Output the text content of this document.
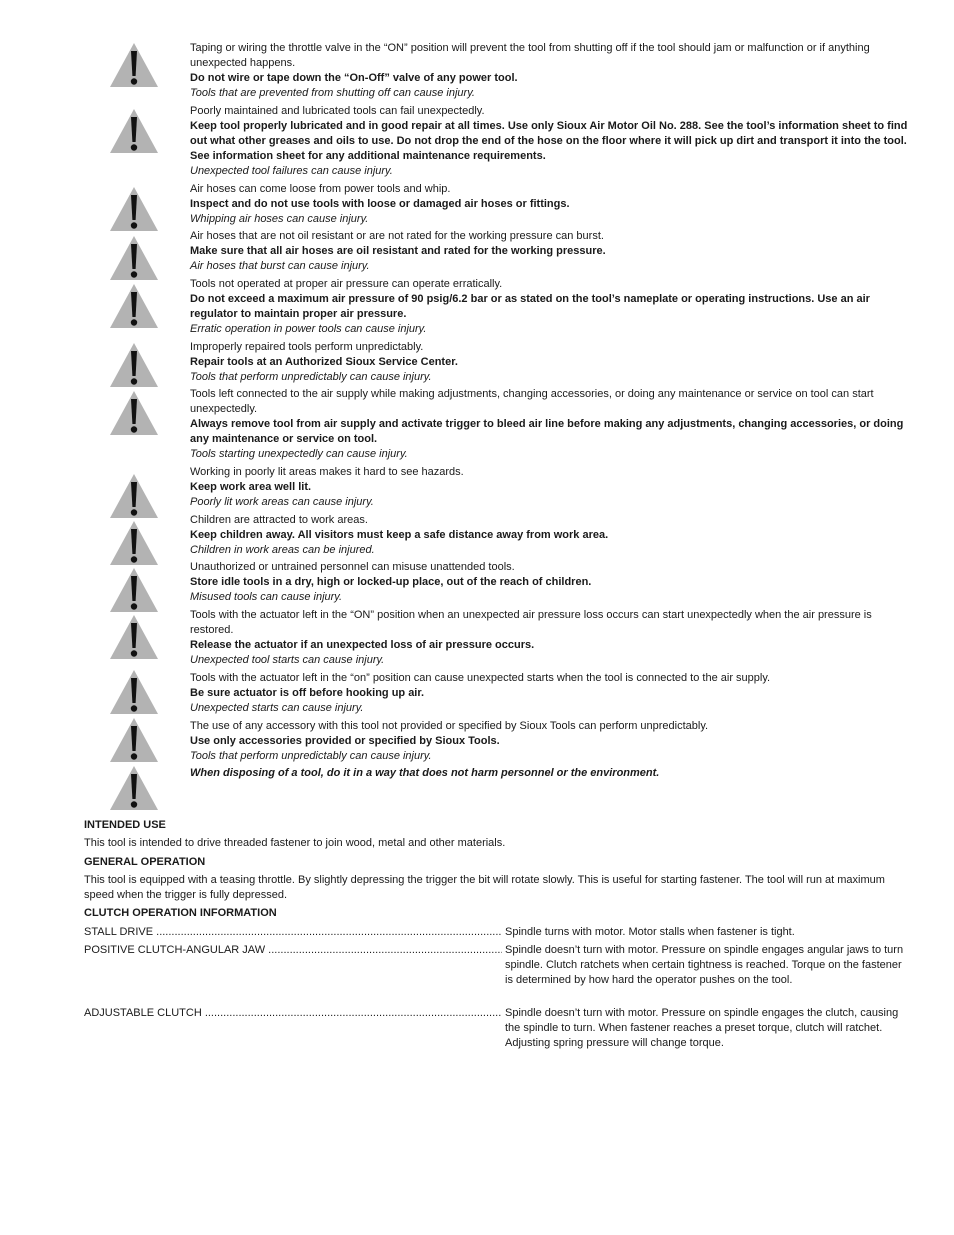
Taping or wiring the throttle valve in the “ON” position will prevent the tool from shutting off if the tool should jam or malfunction or if anything unexpected happens.

Do not wire or tape down the “On-Off” valve of any power tool.

Tools that are prevented from shutting off can cause injury.

Poorly maintained and lubricated tools can fail unexpectedly.

Keep tool properly lubricated and in good repair at all times. Use only Sioux Air Motor Oil No. 288. See the tool’s information sheet to find out what other greases and oils to use. Do not drop the end of the hose on the floor where it will pick up dirt and transport it into the tool. See information sheet for any additional maintenance requirements.

Unexpected tool failures can cause injury.

Air hoses can come loose from power tools and whip.

Inspect and do not use tools with loose or damaged air hoses or fittings.

Whipping air hoses can cause injury.

Air hoses that are not oil resistant or are not rated for the working pressure can burst.

Make sure that all air hoses are oil resistant and rated for the working pressure.

Air hoses that burst can cause injury.

Tools not operated at proper air pressure can operate erratically.

Do not exceed a maximum air pressure of 90 psig/6.2 bar or as stated on the tool’s nameplate or operating instructions. Use an air regulator to maintain proper air pressure.

Erratic operation in power tools can cause injury.

Improperly repaired tools perform unpredictably.

Repair tools at an Authorized Sioux Service Center.

Tools that perform unpredictably can cause injury.

Tools left connected to the air supply while making adjustments, changing accessories, or doing any maintenance or service on tool can start unexpectedly.

Always remove tool from air supply and activate trigger to bleed air line before making any adjustments, changing accessories, or doing any maintenance or service on tool.

Tools starting unexpectedly can cause injury.

Working in poorly lit areas makes it hard to see hazards.

Keep work area well lit.

Poorly lit work areas can cause injury.

Children are attracted to work areas.

Keep children away. All visitors must keep a safe distance away from work area.

Children in work areas can be injured.

Unauthorized or untrained personnel can misuse unattended tools.

Store idle tools in a dry, high or locked-up place, out of the reach of children.

Misused tools can cause injury.

Tools with the actuator left in the “ON” position when an unexpected air pressure loss occurs can start unexpectedly when the air pressure is restored.

Release the actuator if an unexpected loss of air pressure occurs.

Unexpected tool starts can cause injury.

Tools with the actuator left in the “on” position can cause unexpected starts when the tool is connected to the air supply.

Be sure actuator is off before hooking up air.

Unexpected starts can cause injury.

The use of any accessory with this tool not provided or specified by Sioux Tools can perform unpredictably.

Use only accessories provided or specified by Sioux Tools.

Tools that perform unpredictably can cause injury.

When disposing of a tool, do it in a way that does not harm personnel or the environment.

INTENDED USE

This tool is intended to drive threaded fastener to join wood, metal and other materials.

GENERAL OPERATION

This tool is equipped with a teasing throttle. By slightly depressing the trigger the bit will rotate slowly. This is useful for starting fastener. The tool will run at maximum speed when the trigger is fully depressed.

CLUTCH OPERATION INFORMATION
STALL DRIVE .....	Spindle turns with motor. Motor stalls when fastener is tight.
POSITIVE CLUTCH-ANGULAR JAW .....	Spindle doesn’t turn with motor. Pressure on spindle engages angular jaws to turn spindle. Clutch ratchets when certain tightness is reached. Torque on the fastener is determined by how hard the operator pushes on the tool.
ADJUSTABLE CLUTCH .....	Spindle doesn’t turn with motor. Pressure on spindle engages the clutch, causing the spindle to turn. When fastener reaches a preset torque, clutch will ratchet. Adjusting spring pressure will change torque.
